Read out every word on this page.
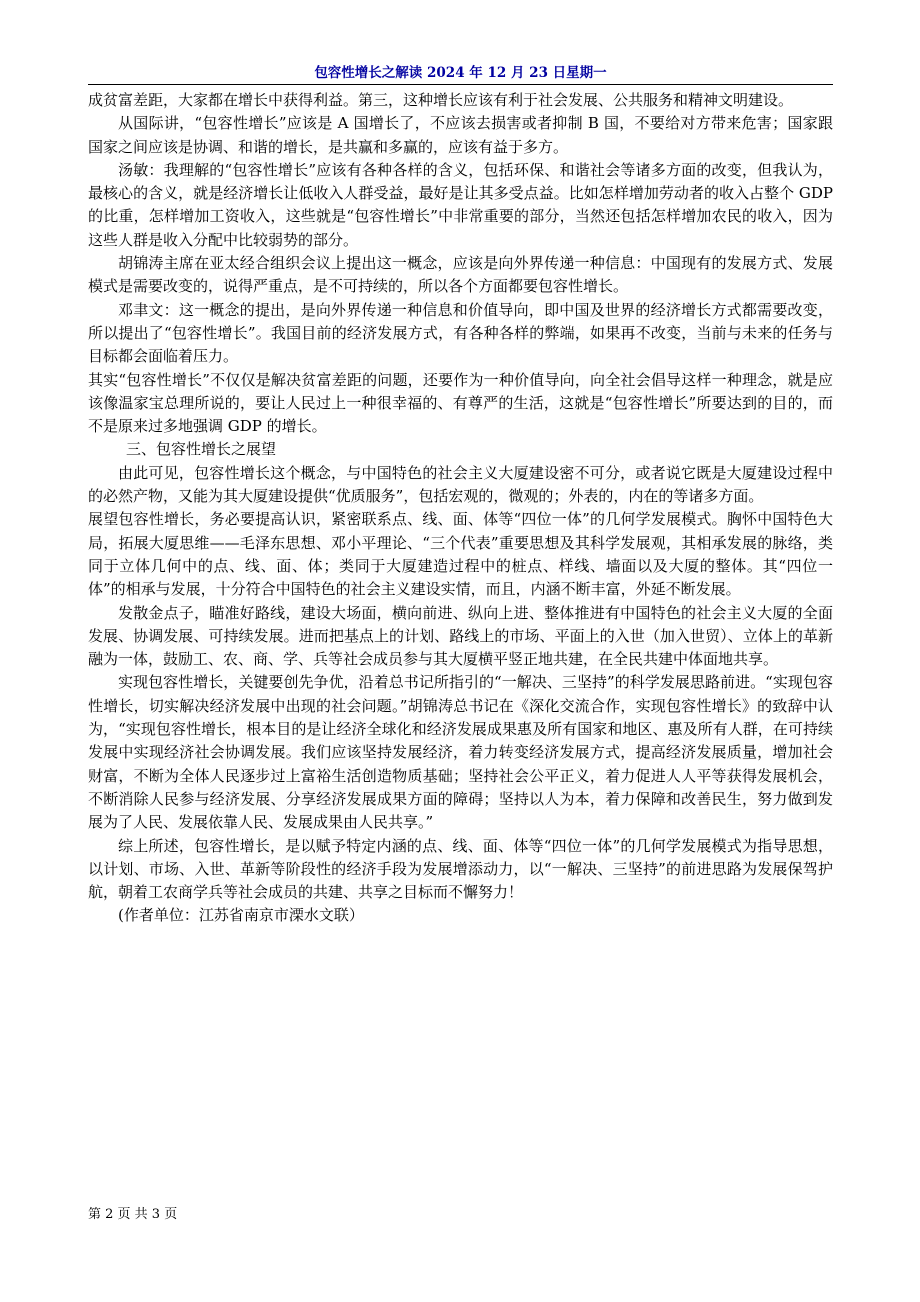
包容性增长之解读 2024 年 12 月 23 日星期一

成贫富差距，大家都在增长中获得利益。第三，这种增长应该有利于社会发展、公共服务和精神文明建设。

从国际讲，“包容性增长”应该是 A 国增长了，不应该去损害或者抑制 B 国，不要给对方带来危害；国家跟国家之间应该是协调、和谐的增长，是共赢和多赢的，应该有益于多方。

汤敏：我理解的“包容性增长”应该有各种各样的含义，包括环保、和谐社会等诸多方面的改变，但我认为，最核心的含义，就是经济增长让低收入人群受益，最好是让其多受点益。比如怎样增加劳动者的收入占整个 GDP 的比重，怎样增加工资收入，这些就是“包容性增长”中非常重要的部分，当然还包括怎样增加农民的收入，因为这些人群是收入分配中比较弱势的部分。

胡锦涛主席在亚太经合组织会议上提出这一概念，应该是向外界传递一种信息：中国现有的发展方式、发展模式是需要改变的，说得严重点，是不可持续的，所以各个方面都要包容性增长。

邓聿文：这一概念的提出，是向外界传递一种信息和价值导向，即中国及世界的经济增长方式都需要改变，所以提出了“包容性增长”。我国目前的经济发展方式，有各种各样的弊端，如果再不改变，当前与未来的任务与目标都会面临着压力。

其实“包容性增长”不仅仅是解决贫富差距的问题，还要作为一种价值导向，向全社会倡导这样一种理念，就是应该像温家宝总理所说的，要让人民过上一种很幸福的、有尊严的生活，这就是“包容性增长”所要达到的目的，而不是原来过多地强调 GDP 的增长。

三、包容性增长之展望

由此可见，包容性增长这个概念，与中国特色的社会主义大厦建设密不可分，或者说它既是大厦建设过程中的必然产物，又能为其大厦建设提供“优质服务”，包括宏观的，微观的；外表的，内在的等诸多方面。

展望包容性增长，务必要提高认识，紧密联系点、线、面、体等“四位一体”的几何学发展模式。胸怀中国特色大局，拓展大厦思维——毛泽东思想、邓小平理论、“三个代表”重要思想及其科学发展观，其相承发展的脉络，类同于立体几何中的点、线、面、体；类同于大厦建造过程中的桩点、样线、墙面以及大厦的整体。其“四位一体”的相承与发展，十分符合中国特色的社会主义建设实情，而且，内涵不断丰富，外延不断发展。

发散金点子，瞄准好路线，建设大场面，横向前进、纵向上进、整体推进有中国特色的社会主义大厦的全面发展、协调发展、可持续发展。进而把基点上的计划、路线上的市场、平面上的入世（加入世贸）、立体上的革新融为一体，鼓励工、农、商、学、兵等社会成员参与其大厦横平竖正地共建，在全民共建中体面地共享。

实现包容性增长，关键要创先争优，沿着总书记所指引的“一解决、三坚持”的科学发展思路前进。“实现包容性增长，切实解决经济发展中出现的社会问题。”胡锦涛总书记在《深化交流合作，实现包容性增长》的致辞中认为，“实现包容性增长，根本目的是让经济全球化和经济发展成果惠及所有国家和地区、惠及所有人群，在可持续发展中实现经济社会协调发展。我们应该坚持发展经济，着力转变经济发展方式，提高经济发展质量，增加社会财富，不断为全体人民逐步过上富裕生活创造物质基础；坚持社会公平正义，着力促进人人平等获得发展机会，不断消除人民参与经济发展、分享经济发展成果方面的障碍；坚持以人为本，着力保障和改善民生，努力做到发展为了人民、发展依靠人民、发展成果由人民共享。”

综上所述，包容性增长，是以赋予特定内涵的点、线、面、体等“四位一体”的几何学发展模式为指导思想，以计划、市场、入世、革新等阶段性的经济手段为发展增添动力，以“一解决、三坚持”的前进思路为发展保驾护航，朝着工农商学兵等社会成员的共建、共享之目标而不懈努力！

(作者单位：江苏省南京市溧水文联）

第 2 页 共 3 页
